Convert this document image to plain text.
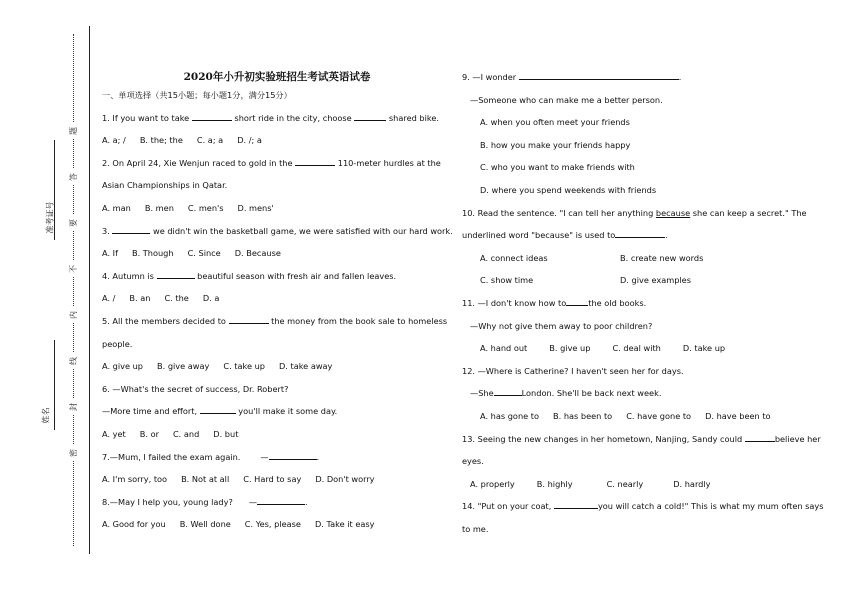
题
答
要
不
内
线
封
密
准考证号
姓名
2020年小升初实验班招生考试英语试卷
一、单项选择（共15小题；每小题1分，满分15分）
1. If you want to take	short ride in the city, choose	shared bike.
A. a; / B. the; the C. a; a D. /; a
2. On April 24, Xie Wenjun raced to gold in the	110-meter hurdles at the
Asian Championships in Qatar.
A. man B. men C. men's D. mens'
3.	we didn't win the basketball game, we were satisfied with our hard work.
A. If B. Though C. Since D. Because
4. Autumn is	beautiful season with fresh air and fallen leaves.
A. / B. an C. the D. a
5. All the members decided to	the money from the book sale to homeless
people.
A. give up B. give away C. take up D. take away
6. —What's the secret of success, Dr. Robert?
—More time and effort,	you'll make it some day.
A. yet B. or C. and D. but
7.—Mum, I failed the exam again. —	.
A. I'm sorry, too B. Not at all C. Hard to say D. Don't worry
8.—May I help you, young lady? —	.
A. Good for you B. Well done C. Yes, please D. Take it easy
9. —I wonder	.
—Someone who can make me a better person.
A. when you often meet your friends
B. how you make your friends happy
C. who you want to make friends with
D. where you spend weekends with friends
10. Read the sentence. "I can tell her anything because she can keep a secret." The
underlined word "because" is used to	.
A. connect ideas	B. create new words
C. show time	D. give examples
11. —I don't know how to	the old books.
—Why not give them away to poor children?
A. hand out	B. give up	C. deal with	D. take up
12. —Where is Catherine? I haven't seen her for days.
—She	London. She'll be back next week.
A. has gone to B. has been to C. have gone to D. have been to
13. Seeing the new changes in her hometown, Nanjing, Sandy could	believe her
eyes.
A. properly	B. highly	C. nearly	D. hardly
14. "Put on your coat,	you will catch a cold!" This is what my mum often says
to me.
